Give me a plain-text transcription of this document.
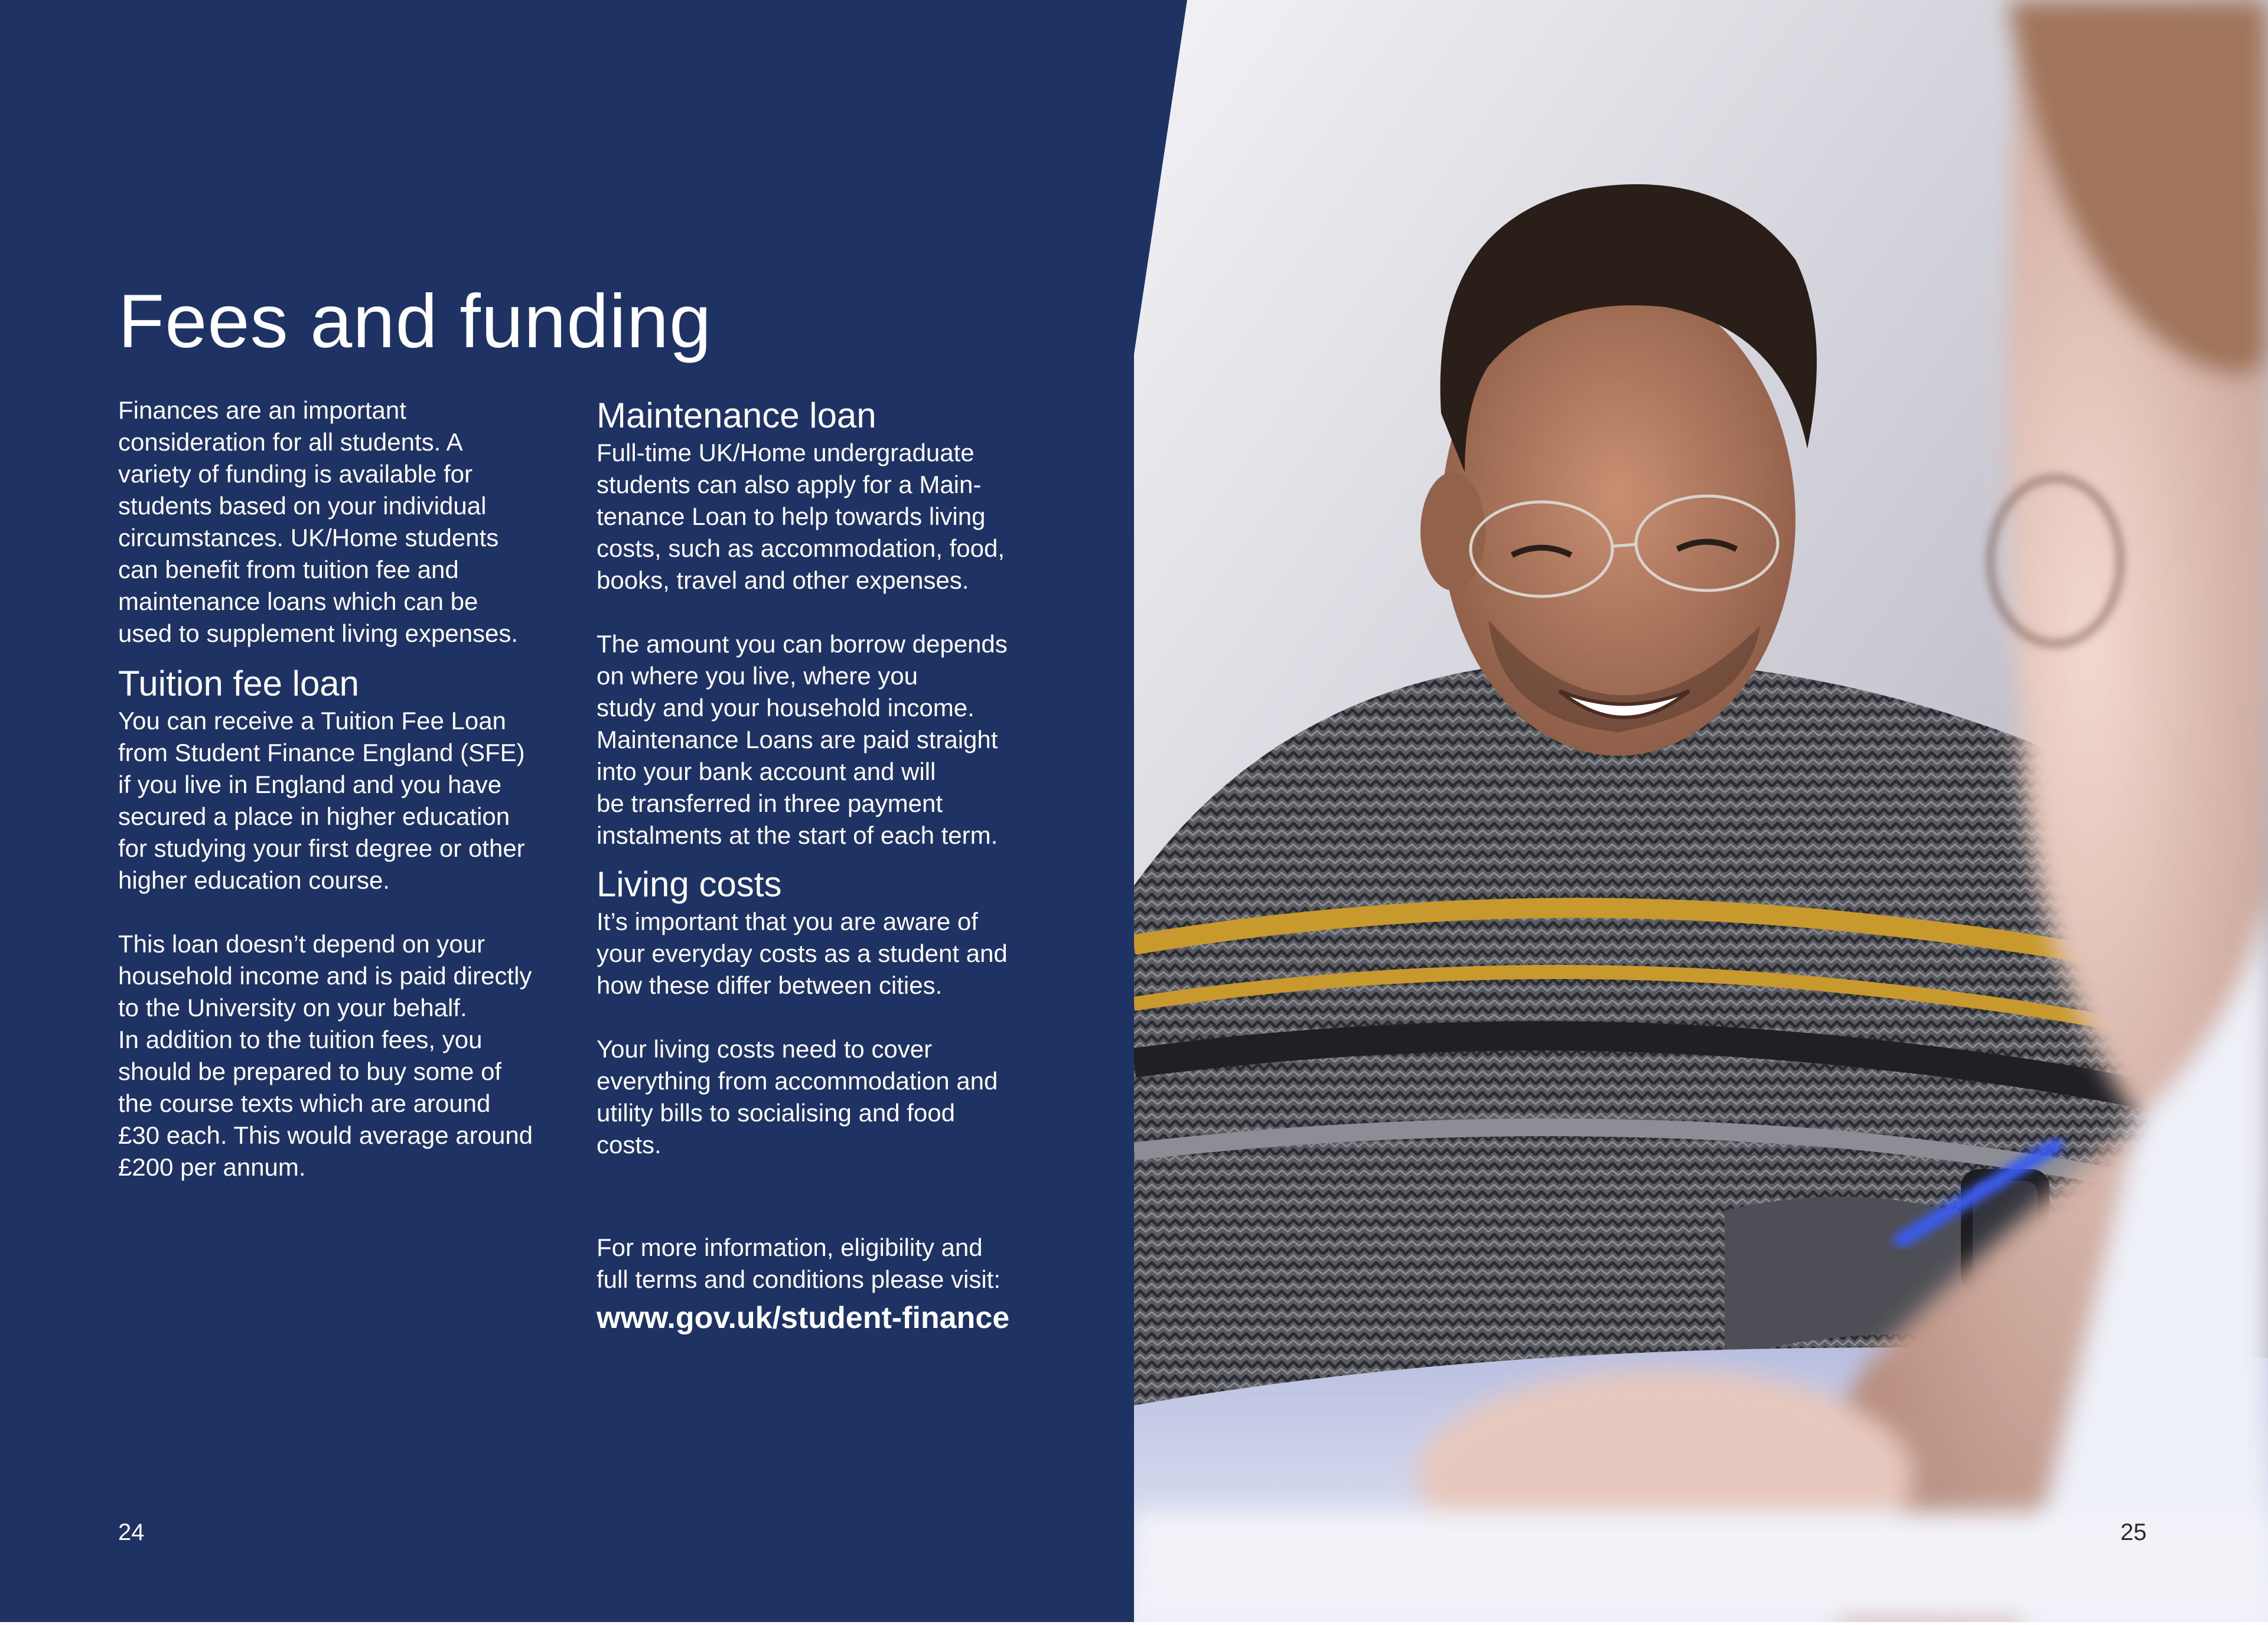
Fees and funding

Finances are an important
consideration for all students. A
variety of funding is available for
students based on your individual
circumstances. UK/Home students
can benefit from tuition fee and
maintenance loans which can be
used to supplement living expenses.

Tuition fee loan

You can receive a Tuition Fee Loan
from Student Finance England (SFE)
if you live in England and you have
secured a place in higher education
for studying your first degree or other
higher education course.

This loan doesn’t depend on your
household income and is paid directly
to the University on your behalf.
In addition to the tuition fees, you
should be prepared to buy some of
the course texts which are around
£30 each. This would average around
£200 per annum.

Maintenance loan

Full-time UK/Home undergraduate
students can also apply for a Main-
tenance Loan to help towards living
costs, such as accommodation, food,
books, travel and other expenses.

The amount you can borrow depends
on where you live, where you
study and your household income.
Maintenance Loans are paid straight
into your bank account and will
be transferred in three payment
instalments at the start of each term.

Living costs

It’s important that you are aware of
your everyday costs as a student and
how these differ between cities.

Your living costs need to cover
everything from accommodation and
utility bills to socialising and food
costs.

For more information, eligibility and
full terms and conditions please visit:

www.gov.uk/student-finance

24	25
